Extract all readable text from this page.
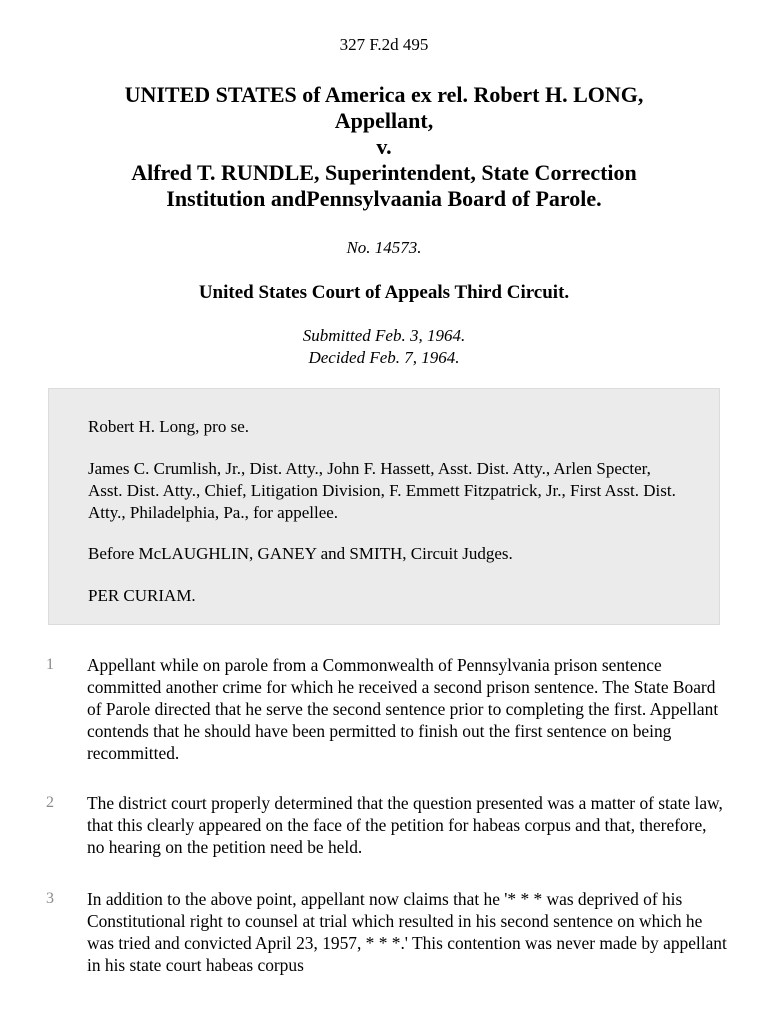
327 F.2d 495
UNITED STATES of America ex rel. Robert H. LONG,
Appellant,
v.
Alfred T. RUNDLE, Superintendent, State Correction
Institution andPennsylvaania Board of Parole.
No. 14573.
United States Court of Appeals Third Circuit.
Submitted Feb. 3, 1964.
Decided Feb. 7, 1964.

Robert H. Long, pro se.

James C. Crumlish, Jr., Dist. Atty., John F. Hassett, Asst. Dist. Atty., Arlen Specter, Asst. Dist. Atty., Chief, Litigation Division, F. Emmett Fitzpatrick, Jr., First Asst. Dist. Atty., Philadelphia, Pa., for appellee.

Before McLAUGHLIN, GANEY and SMITH, Circuit Judges.

PER CURIAM.

1 Appellant while on parole from a Commonwealth of Pennsylvania prison sentence committed another crime for which he received a second prison sentence. The State Board of Parole directed that he serve the second sentence prior to completing the first. Appellant contends that he should have been permitted to finish out the first sentence on being recommitted.
2 The district court properly determined that the question presented was a matter of state law, that this clearly appeared on the face of the petition for habeas corpus and that, therefore, no hearing on the petition need be held.
3 In addition to the above point, appellant now claims that he '* * * was deprived of his Constitutional right to counsel at trial which resulted in his second sentence on which he was tried and convicted April 23, 1957, * * *.' This contention was never made by appellant in his state court habeas corpus
